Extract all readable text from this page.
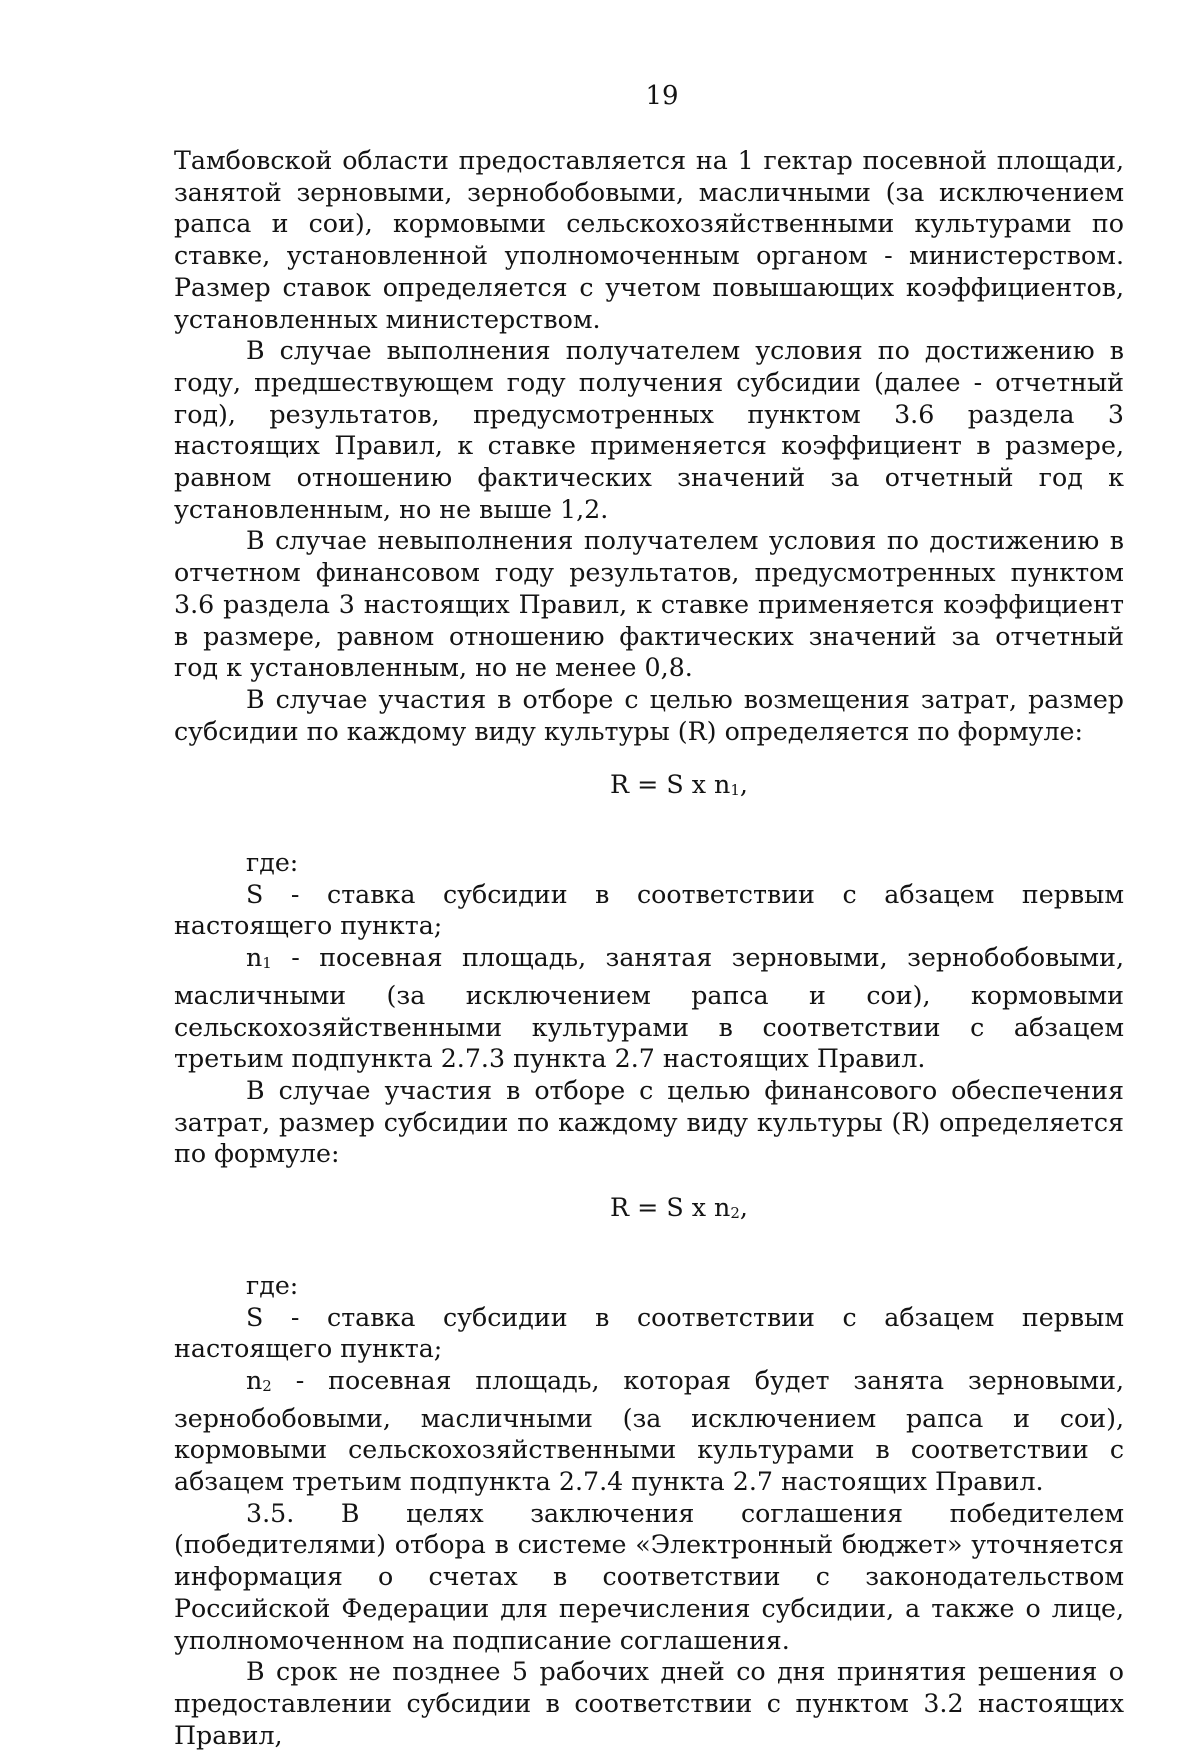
19

Тамбовской области предоставляется на 1 гектар посевной площади, занятой зерновыми, зернобобовыми, масличными (за исключением рапса и сои), кормовыми сельскохозяйственными культурами по ставке, установленной уполномоченным органом - министерством. Размер ставок определяется с учетом повышающих коэффициентов, установленных министерством.

В случае выполнения получателем условия по достижению в году, предшествующем году получения субсидии (далее - отчетный год), результатов, предусмотренных пунктом 3.6 раздела 3 настоящих Правил, к ставке применяется коэффициент в размере, равном отношению фактических значений за отчетный год к установленным, но не выше 1,2.

В случае невыполнения получателем условия по достижению в отчетном финансовом году результатов, предусмотренных пунктом 3.6 раздела 3 настоящих Правил, к ставке применяется коэффициент в размере, равном отношению фактических значений за отчетный год к установленным, но не менее 0,8.

В случае участия в отборе с целью возмещения затрат, размер субсидии по каждому виду культуры (R) определяется по формуле:

R = S x n1,

где:

S - ставка субсидии в соответствии с абзацем первым настоящего пункта;

n1 - посевная площадь, занятая зерновыми, зернобобовыми, масличными (за исключением рапса и сои), кормовыми сельскохозяйственными культурами в соответствии с абзацем третьим подпункта 2.7.3 пункта 2.7 настоящих Правил.

В случае участия в отборе с целью финансового обеспечения затрат, размер субсидии по каждому виду культуры (R) определяется по формуле:

R = S x n2,

где:

S - ставка субсидии в соответствии с абзацем первым настоящего пункта;

n2 - посевная площадь, которая будет занята зерновыми, зернобобовыми, масличными (за исключением рапса и сои), кормовыми сельскохозяйственными культурами в соответствии с абзацем третьим подпункта 2.7.4 пункта 2.7 настоящих Правил.

3.5. В целях заключения соглашения победителем (победителями) отбора в системе «Электронный бюджет» уточняется информация о счетах в соответствии с законодательством Российской Федерации для перечисления субсидии, а также о лице, уполномоченном на подписание соглашения.

В срок не позднее 5 рабочих дней со дня принятия решения о предоставлении субсидии в соответствии с пунктом 3.2 настоящих Правил,
